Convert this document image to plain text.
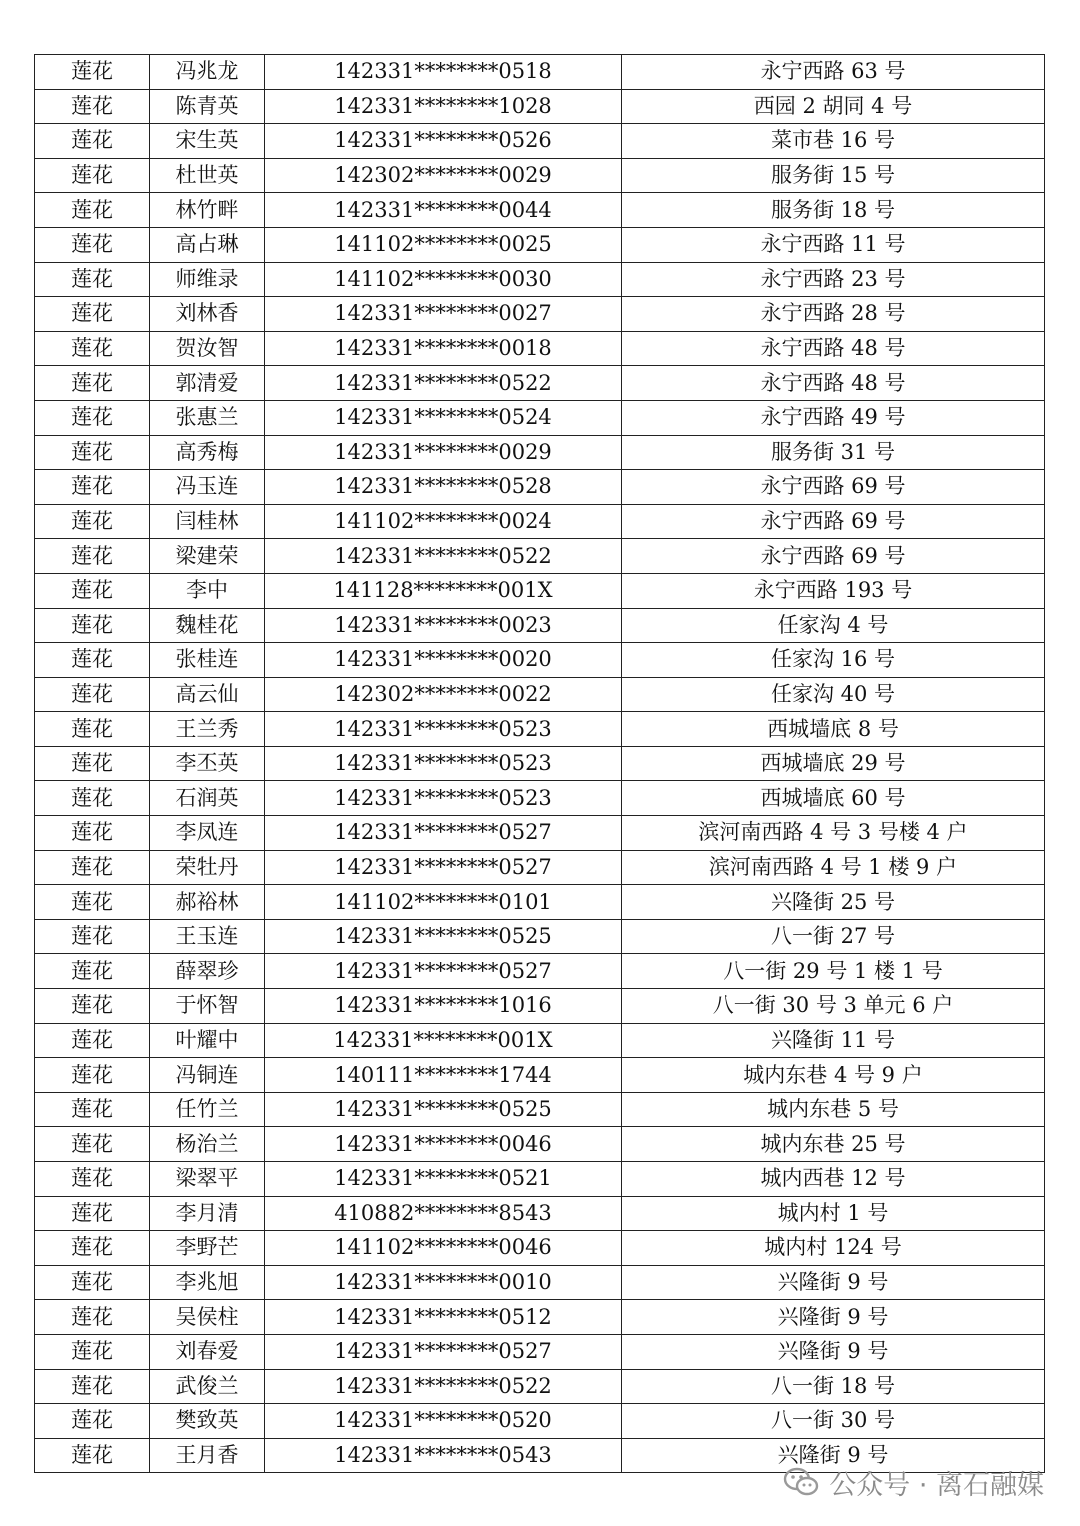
莲花	冯兆龙	142331********0518	永宁西路 63 号
莲花	陈青英	142331********1028	西园 2 胡同 4 号
莲花	宋生英	142331********0526	菜市巷 16 号
莲花	杜世英	142302********0029	服务街 15 号
莲花	林竹畔	142331********0044	服务街 18 号
莲花	高占琳	141102********0025	永宁西路 11 号
莲花	师维录	141102********0030	永宁西路 23 号
莲花	刘林香	142331********0027	永宁西路 28 号
莲花	贺汝智	142331********0018	永宁西路 48 号
莲花	郭清爱	142331********0522	永宁西路 48 号
莲花	张惠兰	142331********0524	永宁西路 49 号
莲花	高秀梅	142331********0029	服务街 31 号
莲花	冯玉连	142331********0528	永宁西路 69 号
莲花	闫桂林	141102********0024	永宁西路 69 号
莲花	梁建荣	142331********0522	永宁西路 69 号
莲花	李中	141128********001X	永宁西路 193 号
莲花	魏桂花	142331********0023	任家沟 4 号
莲花	张桂连	142331********0020	任家沟 16 号
莲花	高云仙	142302********0022	任家沟 40 号
莲花	王兰秀	142331********0523	西城墙底 8 号
莲花	李丕英	142331********0523	西城墙底 29 号
莲花	石润英	142331********0523	西城墙底 60 号
莲花	李凤连	142331********0527	滨河南西路 4 号 3 号楼 4 户
莲花	荣牡丹	142331********0527	滨河南西路 4 号 1 楼 9 户
莲花	郝裕林	141102********0101	兴隆街 25 号
莲花	王玉连	142331********0525	八一街 27 号
莲花	薛翠珍	142331********0527	八一街 29 号 1 楼 1 号
莲花	于怀智	142331********1016	八一街 30 号 3 单元 6 户
莲花	叶耀中	142331********001X	兴隆街 11 号
莲花	冯铜连	140111********1744	城内东巷 4 号 9 户
莲花	任竹兰	142331********0525	城内东巷 5 号
莲花	杨治兰	142331********0046	城内东巷 25 号
莲花	梁翠平	142331********0521	城内西巷 12 号
莲花	李月清	410882********8543	城内村 1 号
莲花	李野芒	141102********0046	城内村 124 号
莲花	李兆旭	142331********0010	兴隆街 9 号
莲花	吴侯柱	142331********0512	兴隆街 9 号
莲花	刘春爱	142331********0527	兴隆街 9 号
莲花	武俊兰	142331********0522	八一街 18 号
莲花	樊致英	142331********0520	八一街 30 号
莲花	王月香	142331********0543	兴隆街 9 号
公众号 · 离石融媒
